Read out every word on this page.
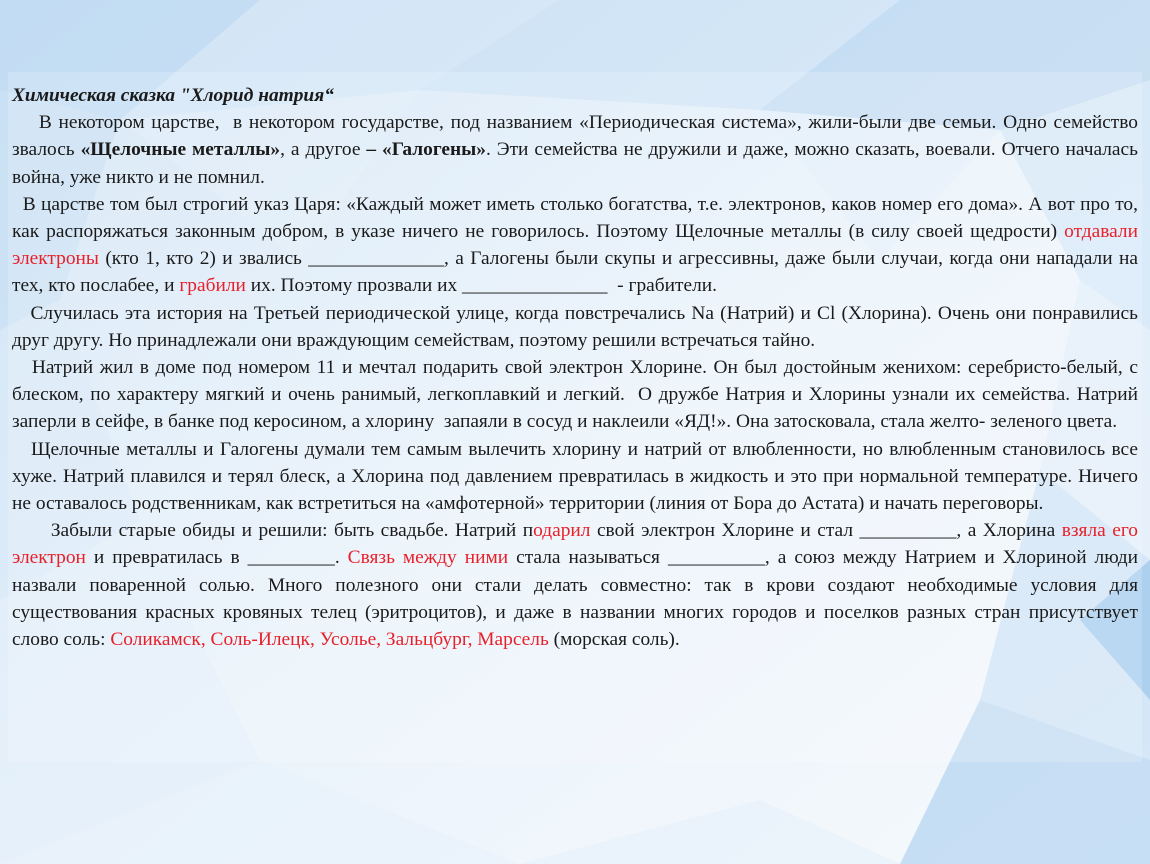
Химическая сказка "Хлорид натрия“

В некотором царстве,  в некотором государстве, под названием «Периодическая система», жили-были две семьи. Одно семейство звалось «Щелочные металлы», а другое – «Галогены». Эти семейства не дружили и даже, можно сказать, воевали. Отчего началась война, уже никто и не помнил.

В царстве том был строгий указ Царя: «Каждый может иметь столько богатства, т.е. электронов, каков номер его дома». А вот про то, как распоряжаться законным добром, в указе ничего не говорилось. Поэтому Щелочные металлы (в силу своей щедрости) отдавали электроны (кто 1, кто 2) и звались ______________, а Галогены были скупы и агрессивны, даже были случаи, когда они нападали на тех, кто послабее, и грабили их. Поэтому прозвали их _______________  - грабители.

Случилась эта история на Третьей периодической улице, когда повстречались Na (Натрий) и Cl (Хлорина). Очень они понравились друг другу. Но принадлежали они враждующим семействам, поэтому решили встречаться тайно.

Натрий жил в доме под номером 11 и мечтал подарить свой электрон Хлорине. Он был достойным женихом: серебристо-белый, с блеском, по характеру мягкий и очень ранимый, легкоплавкий и легкий.  О дружбе Натрия и Хлорины узнали их семейства. Натрий  заперли в сейфе, в банке под керосином, а хлорину  запаяли в сосуд и наклеили «ЯД!». Она затосковала, стала желто- зеленого цвета.

Щелочные металлы и Галогены думали тем самым вылечить хлорину и натрий от влюбленности, но влюбленным становилось все хуже. Натрий плавился и терял блеск, а Хлорина под давлением превратилась в жидкость и это при нормальной температуре. Ничего не оставалось родственникам, как встретиться на «амфотерной» территории (линия от Бора до Астата) и начать переговоры.

Забыли старые обиды и решили: быть свадьбе. Натрий подарил свой электрон Хлорине и стал __________, а Хлорина взяла его электрон и превратилась в _________. Связь между ними стала называться __________, а союз между Натрием и Хлориной люди назвали поваренной солью. Много полезного они стали делать совместно: так в крови создают необходимые условия для существования красных кровяных телец (эритроцитов), и даже в названии многих городов и поселков разных стран присутствует слово соль: Соликамск, Соль-Илецк, Усолье, Зальцбург, Марсель (морская соль).
